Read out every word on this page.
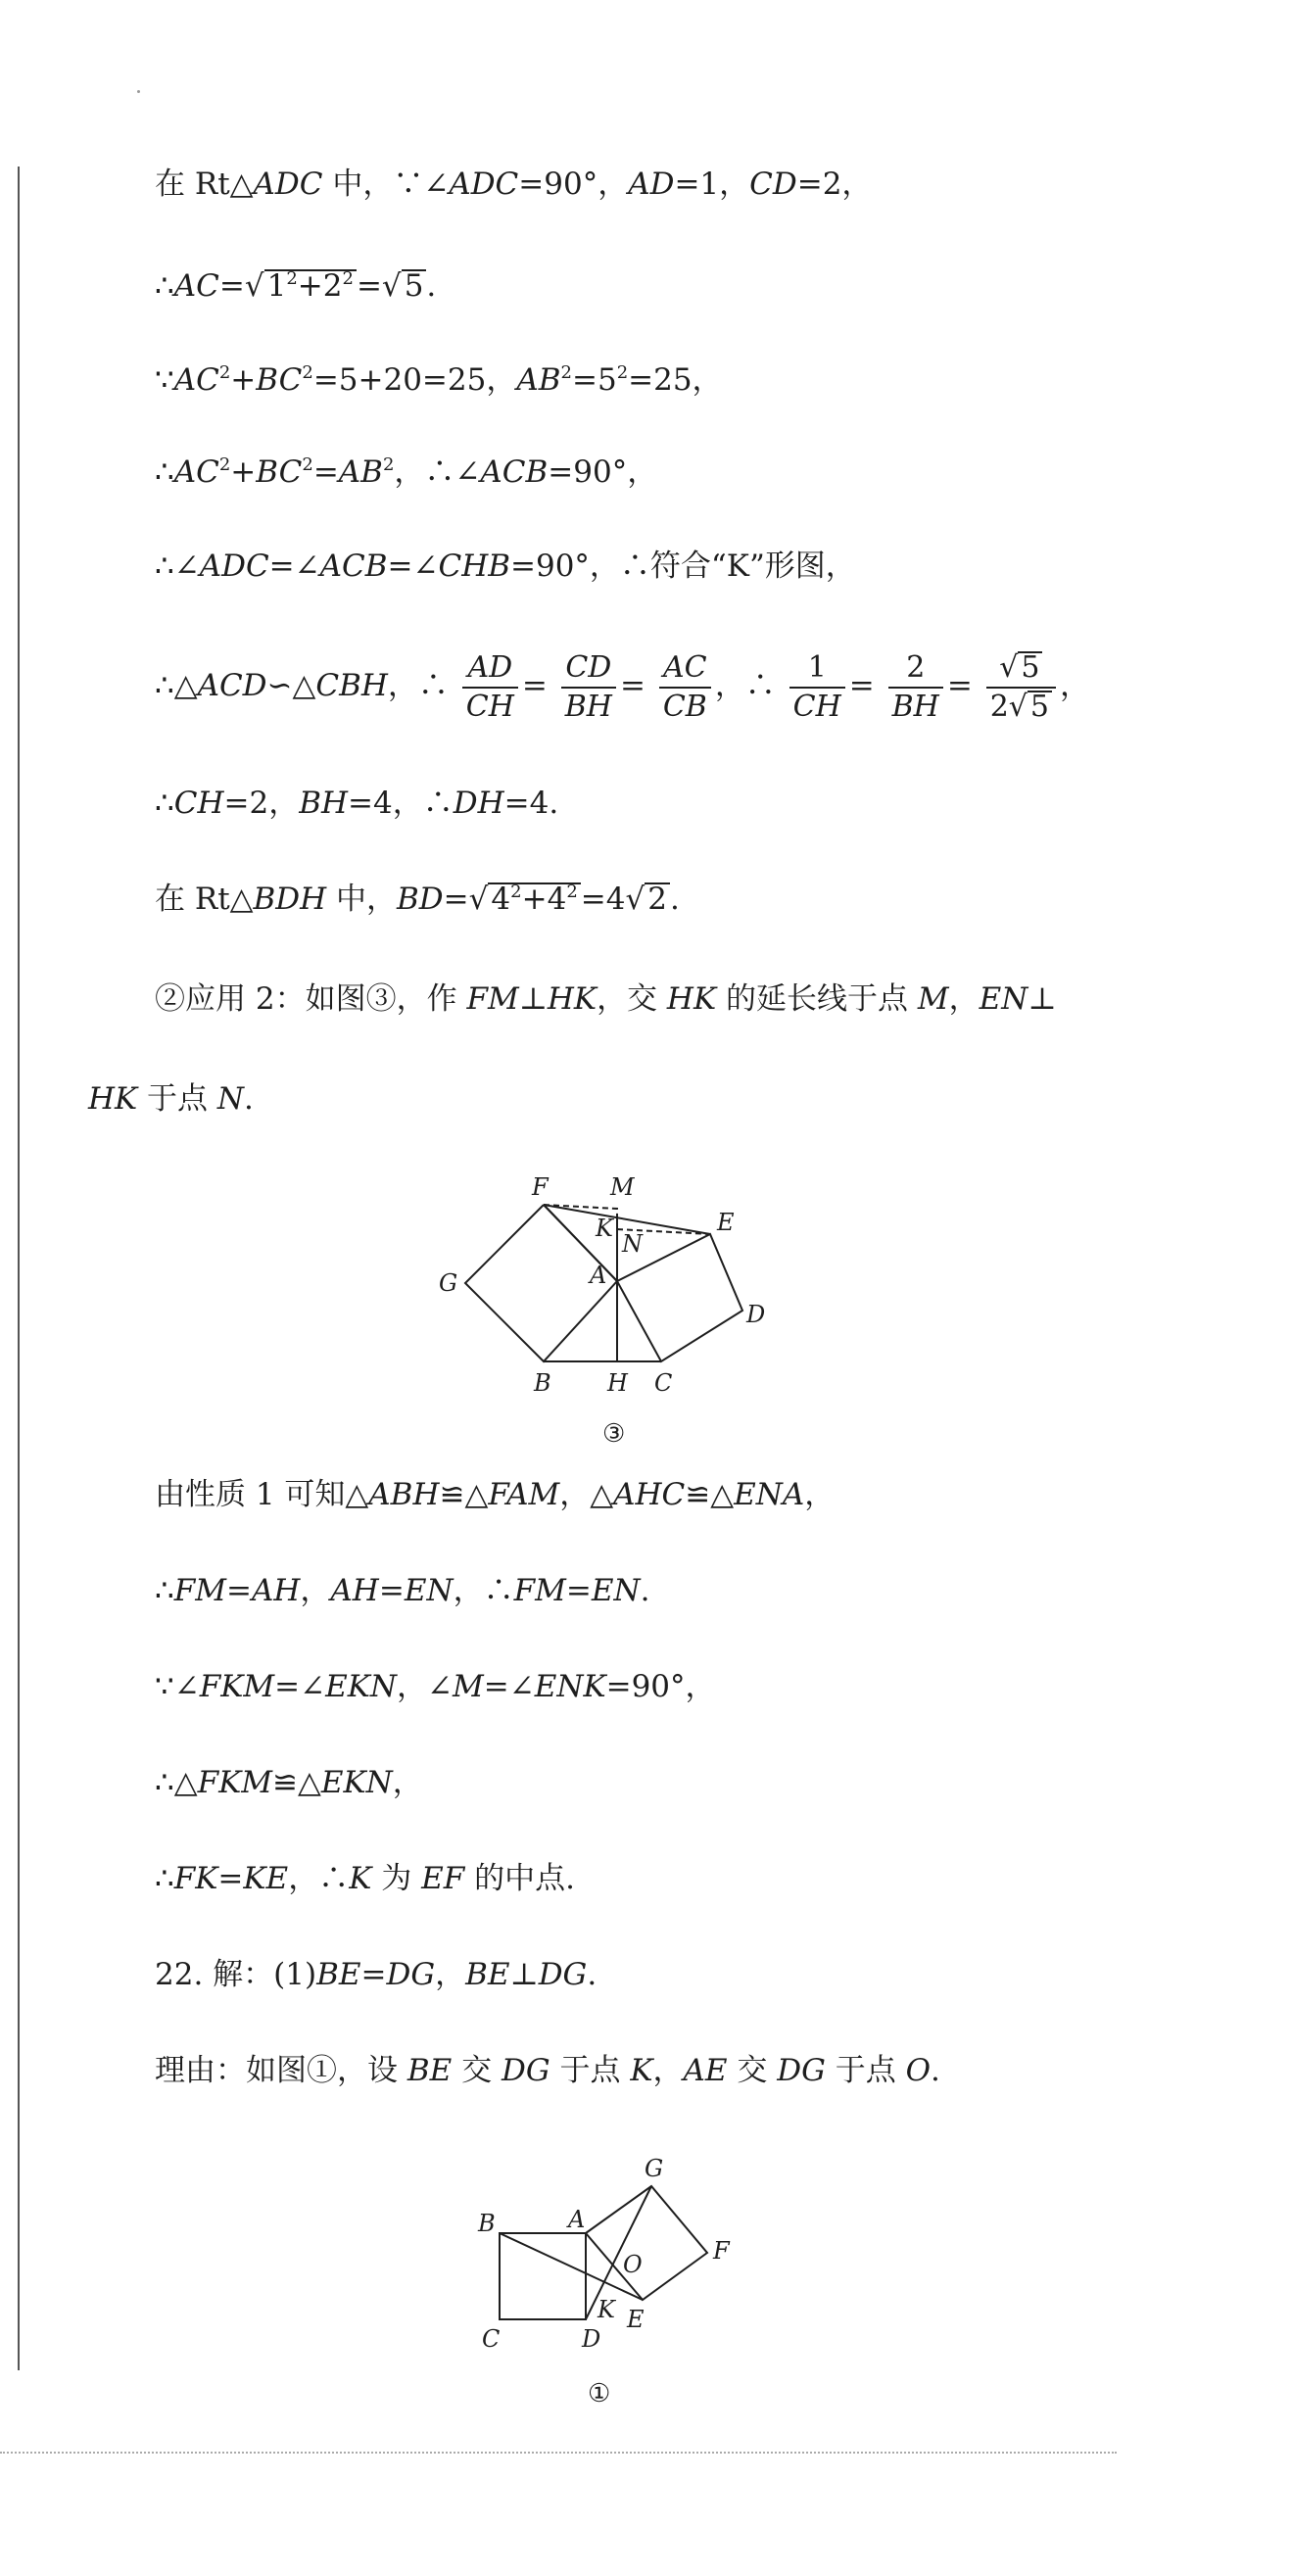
在 Rt△ADC 中，∵∠ADC=90°，AD=1，CD=2，
$\therefore AC=√1^2+2^2=√5$.
$\because AC^2+BC^2=5+20=25$，$AB^2=5^2=25$，
$\therefore AC^2+BC^2=AB^2$，∴∠ACB=90°，
∴∠ADC=∠ACB=∠CHB=90°，∴符合“K”形图，
∴△ACD∽△CBH，∴ $\frac{AD}{CH} = \frac{CD}{BH} = \frac{AC}{CB}$ ，∴ $\frac{1}{CH} = \frac{2}{BH} = \frac{√ 5}{2√ 5}$ ，
∴CH=2，BH=4，∴DH=4.
在 Rt△BDH 中，$BD=√4^2+4^2=4√2$.
②应用 2：如图③，作 FM⊥HK，交 HK 的延长线于点 M，EN⊥
HK 于点 N.
F	M
K	E
N
G	A
D
B H C
③
由性质 1 可知△ABH≌△FAM，△AHC≌△ENA，
∴FM=AH，AH=EN，∴FM=EN.
∵∠FKM=∠EKN，∠M=∠ENK=90°，
∴△FKM≌△EKN，
∴FK=KE，∴K 为 EF 的中点.
22. 解：(1)BE=DG，BE⊥DG.
理由：如图①，设 BE 交 DG 于点 K，AE 交 DG 于点 O.
G
B	A
O	F
C	D
K E
①
